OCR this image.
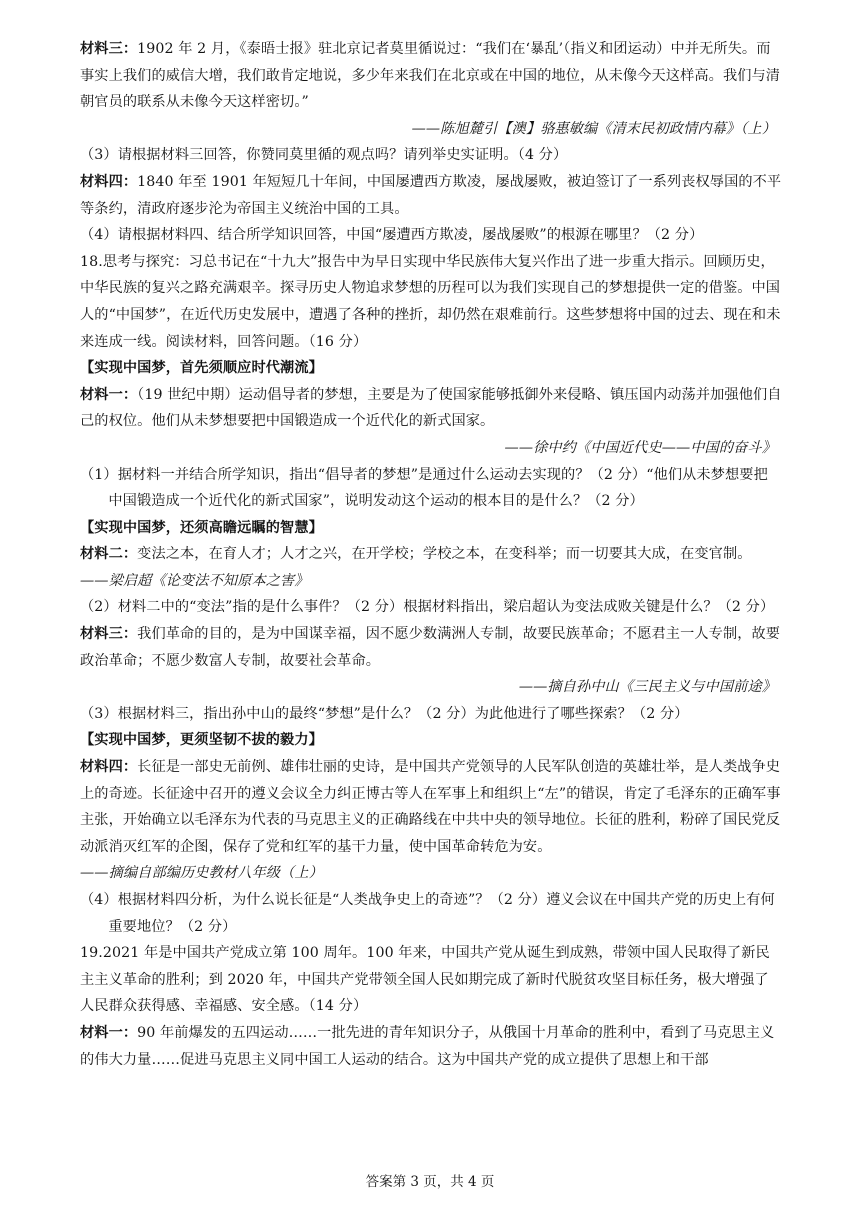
材料三：1902 年 2 月，《泰晤士报》驻北京记者莫里循说过：“我们在‘暴乱’（指义和团运动）中并无所失。而事实上我们的威信大增，我们敢肯定地说，多少年来我们在北京或在中国的地位，从未像今天这样高。我们与清朝官员的联系从未像今天这样密切。”

——陈旭麓引【澳】骆惠敏编《清末民初政情内幕》（上）

（3）请根据材料三回答，你赞同莫里循的观点吗？请列举史实证明。（4 分）

材料四：1840 年至 1901 年短短几十年间，中国屡遭西方欺凌，屡战屡败，被迫签订了一系列丧权辱国的不平等条约，清政府逐步沦为帝国主义统治中国的工具。

（4）请根据材料四、结合所学知识回答，中国“屡遭西方欺凌，屡战屡败”的根源在哪里？（2 分）

18.思考与探究：习总书记在“十九大”报告中为早日实现中华民族伟大复兴作出了进一步重大指示。回顾历史，中华民族的复兴之路充满艰辛。探寻历史人物追求梦想的历程可以为我们实现自己的梦想提供一定的借鉴。中国人的“中国梦”，在近代历史发展中，遭遇了各种的挫折，却仍然在艰难前行。这些梦想将中国的过去、现在和未来连成一线。阅读材料，回答问题。（16 分）

【实现中国梦，首先须顺应时代潮流】

材料一：（19 世纪中期）运动倡导者的梦想，主要是为了使国家能够抵御外来侵略、镇压国内动荡并加强他们自己的权位。他们从未梦想要把中国锻造成一个近代化的新式国家。

——徐中约《中国近代史——中国的奋斗》

（1）据材料一并结合所学知识，指出“倡导者的梦想”是通过什么运动去实现的？（2 分）“他们从未梦想要把中国锻造成一个近代化的新式国家”，说明发动这个运动的根本目的是什么？（2 分）

【实现中国梦，还须高瞻远瞩的智慧】

材料二：变法之本，在育人才；人才之兴，在开学校；学校之本，在变科举；而一切要其大成，在变官制。

——梁启超《论变法不知原本之害》

（2）材料二中的“变法”指的是什么事件？（2 分）根据材料指出，梁启超认为变法成败关键是什么？（2 分）

材料三：我们革命的目的，是为中国谋幸福，因不愿少数满洲人专制，故要民族革命；不愿君主一人专制，故要政治革命；不愿少数富人专制，故要社会革命。

——摘自孙中山《三民主义与中国前途》

（3）根据材料三，指出孙中山的最终“梦想”是什么？（2 分）为此他进行了哪些探索？（2 分）

【实现中国梦，更须坚韧不拔的毅力】

材料四：长征是一部史无前例、雄伟壮丽的史诗，是中国共产党领导的人民军队创造的英雄壮举，是人类战争史上的奇迹。长征途中召开的遵义会议全力纠正博古等人在军事上和组织上“左”的错误，肯定了毛泽东的正确军事主张，开始确立以毛泽东为代表的马克思主义的正确路线在中共中央的领导地位。长征的胜利，粉碎了国民党反动派消灭红军的企图，保存了党和红军的基干力量，使中国革命转危为安。

——摘编自部编历史教材八年级（上）

（4）根据材料四分析，为什么说长征是“人类战争史上的奇迹”？（2 分）遵义会议在中国共产党的历史上有何重要地位？（2 分）

19.2021 年是中国共产党成立第 100 周年。100 年来，中国共产党从诞生到成熟，带领中国人民取得了新民主主义革命的胜利；到 2020 年，中国共产党带领全国人民如期完成了新时代脱贫攻坚目标任务，极大增强了人民群众获得感、幸福感、安全感。（14 分）

材料一：90 年前爆发的五四运动……一批先进的青年知识分子，从俄国十月革命的胜利中，看到了马克思主义的伟大力量……促进马克思主义同中国工人运动的结合。这为中国共产党的成立提供了思想上和干部

答案第 3 页，共 4 页
